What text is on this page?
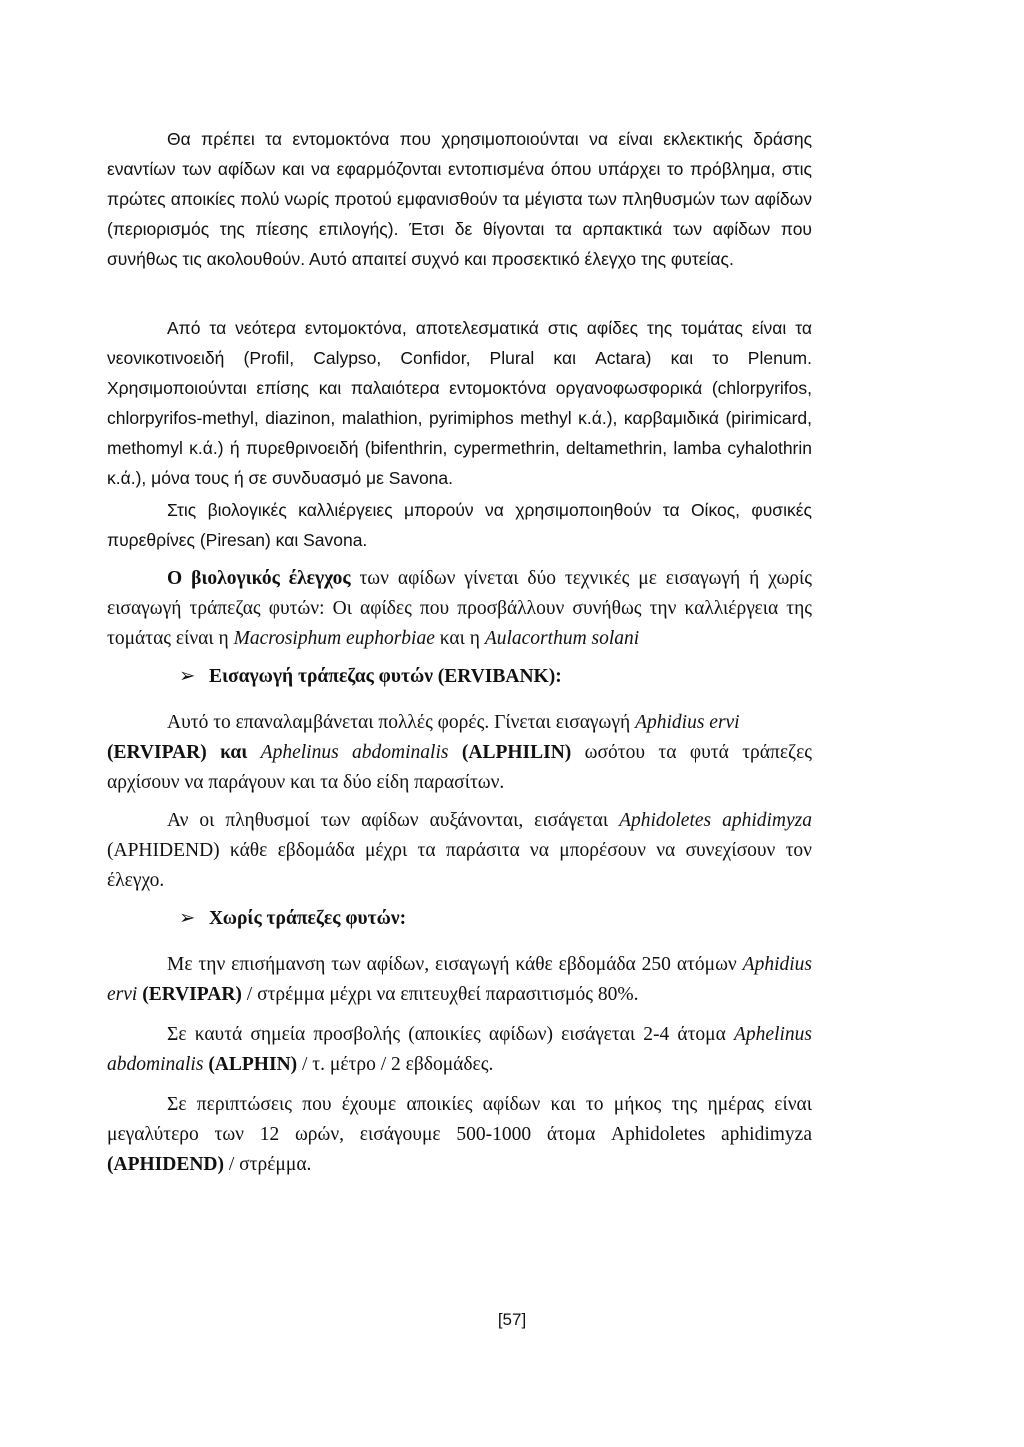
Θα πρέπει τα εντομοκτόνα που χρησιμοποιούνται να είναι εκλεκτικής δράσης εναντίων των αφίδων και να εφαρμόζονται εντοπισμένα όπου υπάρχει το πρόβλημα, στις πρώτες αποικίες πολύ νωρίς προτού εμφανισθούν τα μέγιστα των πληθυσμών των αφίδων (περιορισμός της πίεσης επιλογής). Έτσι δε θίγονται τα αρπακτικά των αφίδων που συνήθως τις ακολουθούν. Αυτό απαιτεί συχνό και προσεκτικό έλεγχο της φυτείας.

Από τα νεότερα εντομοκτόνα, αποτελεσματικά στις αφίδες της τομάτας είναι τα νεονικοτινοειδή (Profil, Calypso, Confidor, Plural και Actara) και το Plenum. Χρησιμοποιούνται επίσης και παλαιότερα εντομοκτόνα οργανοφωσφορικά (chlorpyrifos, chlorpyrifos-methyl, diazinon, malathion, pyrimiphos methyl κ.ά.), καρβαμιδικά (pirimicard, methomyl κ.ά.) ή πυρεθρινοειδή (bifenthrin, cypermethrin, deltamethrin, lamba cyhalothrin κ.ά.), μόνα τους ή σε συνδυασμό με Savona.

Στις βιολογικές καλλιέργειες μπορούν να χρησιμοποιηθούν τα Οίκος, φυσικές πυρεθρίνες (Piresan) και Savona.

Ο βιολογικός έλεγχος των αφίδων γίνεται δύο τεχνικές με εισαγωγή ή χωρίς εισαγωγή τράπεζας φυτών: Οι αφίδες που προσβάλλουν συνήθως την καλλιέργεια της τομάτας είναι η Macrosiphum euphorbiae και η Aulacorthum solani

➢ Εισαγωγή τράπεζας φυτών (ERVIBANK):

Αυτό το επαναλαμβάνεται πολλές φορές. Γίνεται εισαγωγή Aphidius ervi
(ERVIPAR) και Aphelinus abdominalis (ALPHILIN) ωσότου τα φυτά τράπεζες αρχίσουν να παράγουν και τα δύο είδη παρασίτων.

Αν οι πληθυσμοί των αφίδων αυξάνονται, εισάγεται Aphidoletes aphidimyza (APHIDEND) κάθε εβδομάδα μέχρι τα παράσιτα να μπορέσουν να συνεχίσουν τον έλεγχο.

➢ Χωρίς τράπεζες φυτών:

Με την επισήμανση των αφίδων, εισαγωγή κάθε εβδομάδα 250 ατόμων Aphidius ervi (ERVIPAR) / στρέμμα μέχρι να επιτευχθεί παρασιτισμός 80%.

Σε καυτά σημεία προσβολής (αποικίες αφίδων) εισάγεται 2-4 άτομα Aphelinus abdominalis (ALPHIN) / τ. μέτρο / 2 εβδομάδες.

Σε περιπτώσεις που έχουμε αποικίες αφίδων και το μήκος της ημέρας είναι μεγαλύτερο των 12 ωρών, εισάγουμε 500-1000 άτομα Aphidoletes aphidimyza (APHIDEND) / στρέμμα.

[57]
